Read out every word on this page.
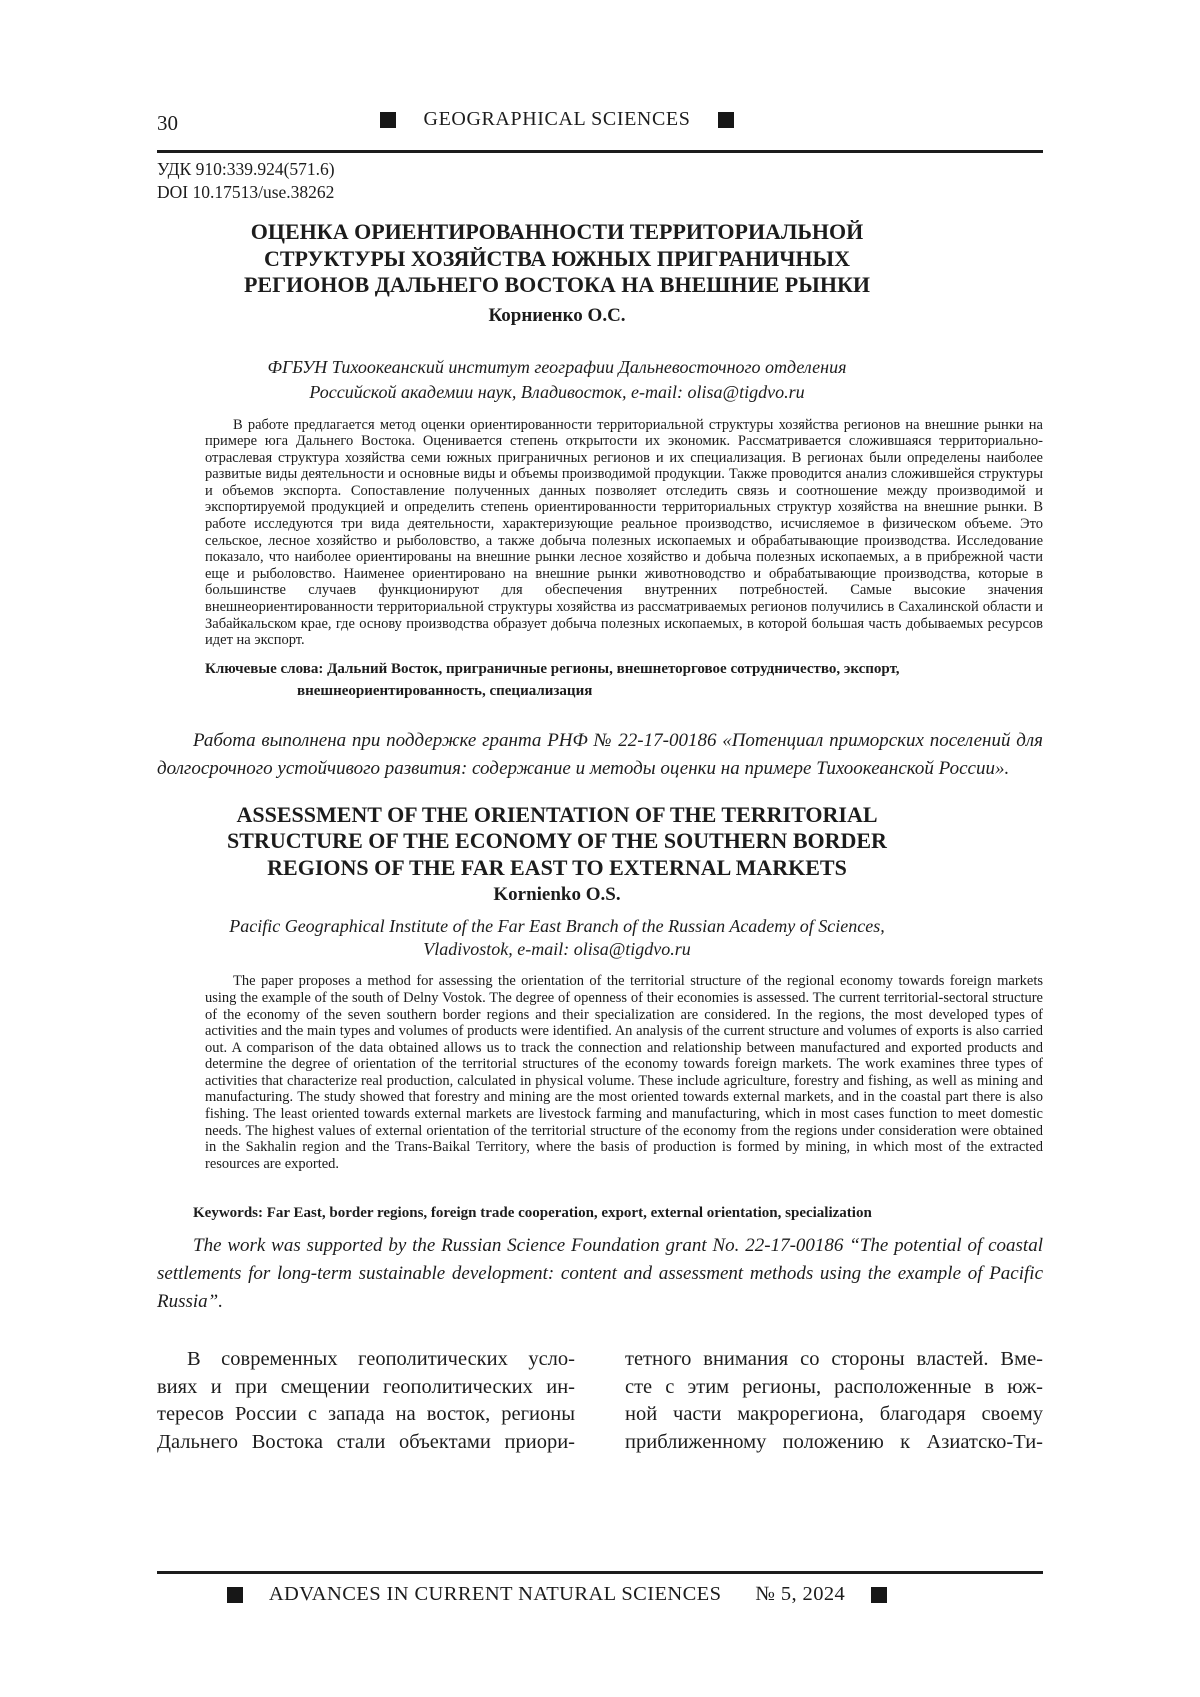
30	GEOGRAPHICAL SCIENCES
УДК 910:339.924(571.6)
DOI 10.17513/use.38262
ОЦЕНКА ОРИЕНТИРОВАННОСТИ ТЕРРИТОРИАЛЬНОЙ
СТРУКТУРЫ ХОЗЯЙСТВА ЮЖНЫХ ПРИГРАНИЧНЫХ
РЕГИОНОВ ДАЛЬНЕГО ВОСТОКА НА ВНЕШНИЕ РЫНКИ
Корниенко О.С.
ФГБУН Тихоокеанский институт географии Дальневосточного отделения
Российской академии наук, Владивосток, e-mail: olisa@tigdvo.ru

В работе предлагается метод оценки ориентированности территориальной структуры хозяйства регионов на внешние рынки на примере юга Дальнего Востока. Оценивается степень открытости их экономик. Рассматривается сложившаяся территориально-отраслевая структура хозяйства семи южных приграничных регионов и их специализация. В регионах были определены наиболее развитые виды деятельности и основные виды и объемы производимой продукции. Также проводится анализ сложившейся структуры и объемов экспорта. Сопоставление полученных данных позволяет отследить связь и соотношение между производимой и экспортируемой продукцией и определить степень ориентированности территориальных структур хозяйства на внешние рынки. В работе исследуются три вида деятельности, характеризующие реальное производство, исчисляемое в физическом объеме. Это сельское, лесное хозяйство и рыболовство, а также добыча полезных ископаемых и обрабатывающие производства. Исследование показало, что наиболее ориентированы на внешние рынки лесное хозяйство и добыча полезных ископаемых, а в прибрежной части еще и рыболовство. Наименее ориентировано на внешние рынки животноводство и обрабатывающие производства, которые в большинстве случаев функционируют для обеспечения внутренних потребностей. Самые высокие значения внешнеориентированности территориальной структуры хозяйства из рассматриваемых регионов получились в Сахалинской области и Забайкальском крае, где основу производства образует добыча полезных ископаемых, в которой большая часть добываемых ресурсов идет на экспорт.

Ключевые слова: Дальний Восток, приграничные регионы, внешнеторговое сотрудничество, экспорт,
внешнеориентированность, специализация

Работа выполнена при поддержке гранта РНФ № 22-17-00186 «Потенциал приморских поселений для долгосрочного устойчивого развития: содержание и методы оценки на примере Тихоокеанской России».

ASSESSMENT OF THE ORIENTATION OF THE TERRITORIAL
STRUCTURE OF THE ECONOMY OF THE SOUTHERN BORDER
REGIONS OF THE FAR EAST TO EXTERNAL MARKETS
Kornienko O.S.
Pacific Geographical Institute of the Far East Branch of the Russian Academy of Sciences,
Vladivostok, e-mail: olisa@tigdvo.ru

The paper proposes a method for assessing the orientation of the territorial structure of the regional economy towards foreign markets using the example of the south of Delny Vostok. The degree of openness of their economies is assessed. The current territorial-sectoral structure of the economy of the seven southern border regions and their specialization are considered. In the regions, the most developed types of activities and the main types and volumes of products were identified. An analysis of the current structure and volumes of exports is also carried out. A comparison of the data obtained allows us to track the connection and relationship between manufactured and exported products and determine the degree of orientation of the territorial structures of the economy towards foreign markets. The work examines three types of activities that characterize real production, calculated in physical volume. These include agriculture, forestry and fishing, as well as mining and manufacturing. The study showed that forestry and mining are the most oriented towards external markets, and in the coastal part there is also fishing. The least oriented towards external markets are livestock farming and manufacturing, which in most cases function to meet domestic needs. The highest values of external orientation of the territorial structure of the economy from the regions under consideration were obtained in the Sakhalin region and the Trans-Baikal Territory, where the basis of production is formed by mining, in which most of the extracted resources are exported.

Keywords: Far East, border regions, foreign trade cooperation, export, external orientation, specialization

The work was supported by the Russian Science Foundation grant No. 22-17-00186 “The potential of coastal settlements for long-term sustainable development: content and assessment methods using the example of Pacific Russia”.

В современных геополитических усло-
виях и при смещении геополитических ин-
тересов России с запада на восток, регионы
Дальнего Востока стали объектами приори-
тетного внимания со стороны властей. Вме-
сте с этим регионы, расположенные в юж-
ной части макрорегиона, благодаря своему
приближенному положению к Азиатско-Ти-
ADVANCES IN CURRENT NATURAL SCIENCES № 5, 2024
